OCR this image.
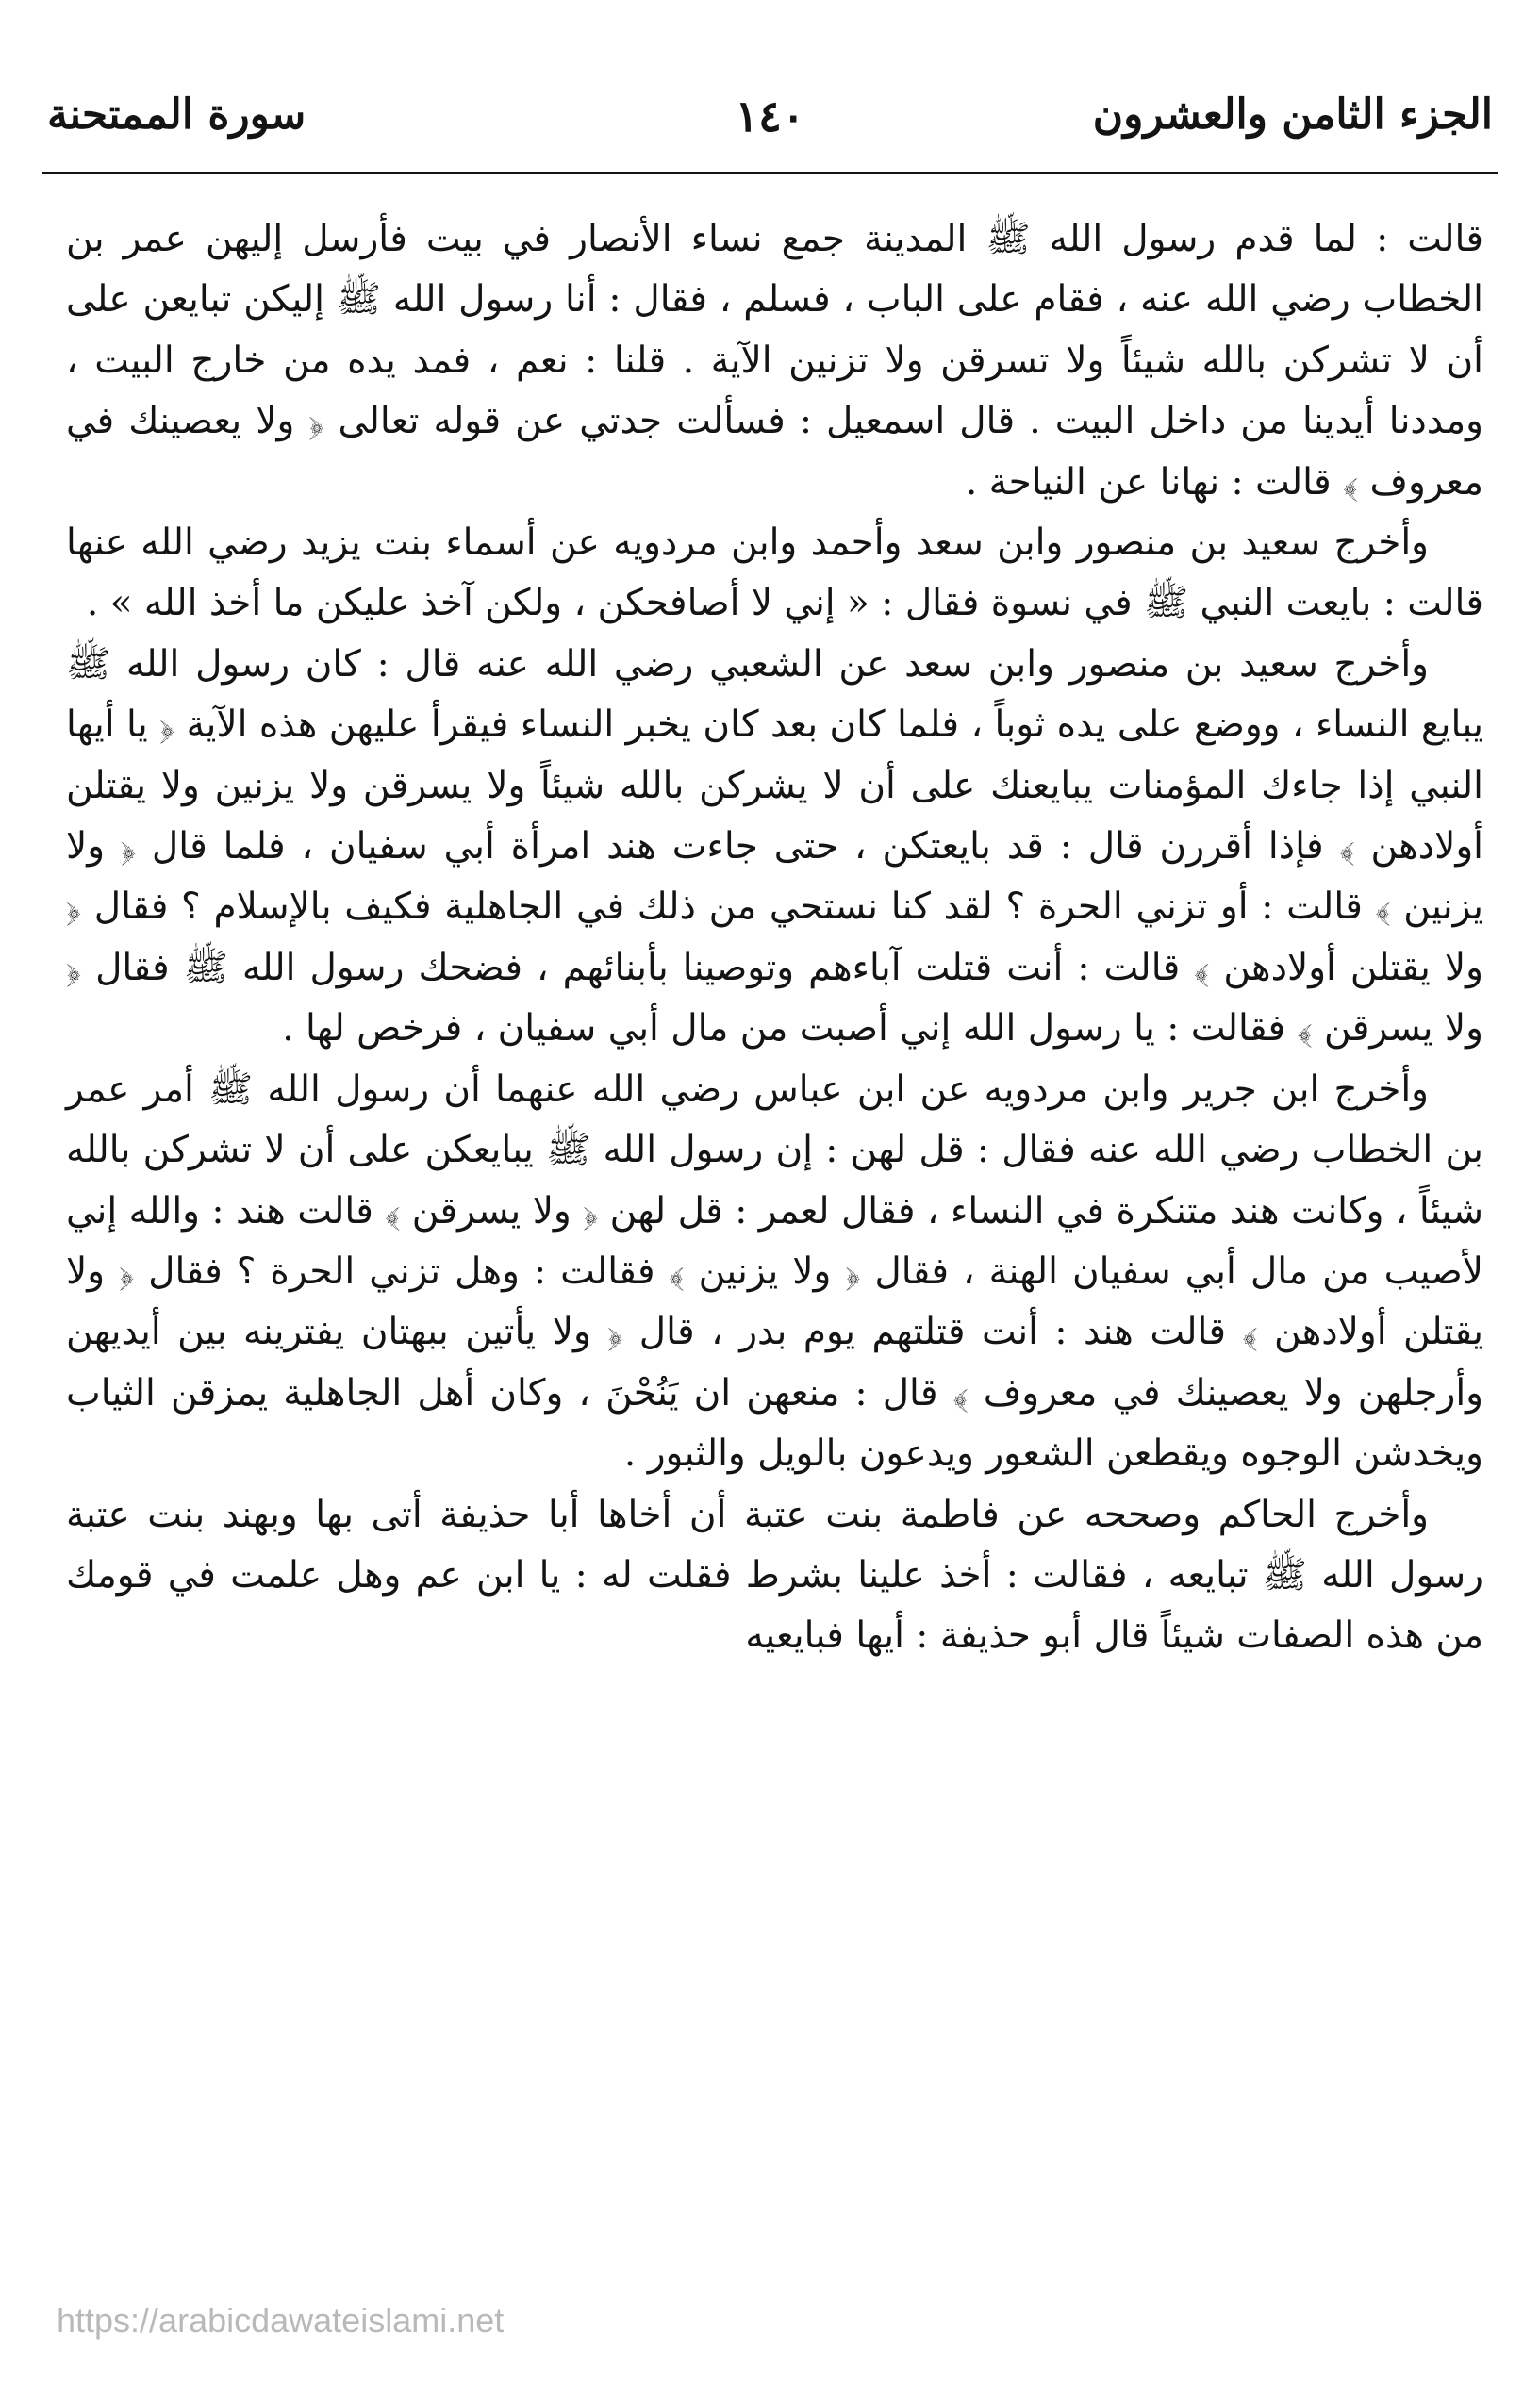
الجزء الثامن والعشرون
١٤٠
سورة الممتحنة

قالت : لما قدم رسول الله ﷺ المدينة جمع نساء الأنصار في بيت فأرسل إليهن عمر بن الخطاب رضي الله عنه ، فقام على الباب ، فسلم ، فقال : أنا رسول الله ﷺ إليكن تبايعن على أن لا تشركن بالله شيئاً ولا تسرقن ولا تزنين الآية . قلنا : نعم ، فمد يده من خارج البيت ، ومددنا أيدينا من داخل البيت . قال اسمعيل : فسألت جدتي عن قوله تعالى ﴿ ولا يعصينك في معروف ﴾ قالت : نهانا عن النياحة .

وأخرج سعيد بن منصور وابن سعد وأحمد وابن مردويه عن أسماء بنت يزيد رضي الله عنها قالت : بايعت النبي ﷺ في نسوة فقال : « إني لا أصافحكن ، ولكن آخذ عليكن ما أخذ الله » .

وأخرج سعيد بن منصور وابن سعد عن الشعبي رضي الله عنه قال : كان رسول الله ﷺ يبايع النساء ، ووضع على يده ثوباً ، فلما كان بعد كان يخبر النساء فيقرأ عليهن هذه الآية ﴿ يا أيها النبي إذا جاءك المؤمنات يبايعنك على أن لا يشركن بالله شيئاً ولا يسرقن ولا يزنين ولا يقتلن أولادهن ﴾ فإذا أقررن قال : قد بايعتكن ، حتى جاءت هند امرأة أبي سفيان ، فلما قال ﴿ ولا يزنين ﴾ قالت : أو تزني الحرة ؟ لقد كنا نستحي من ذلك في الجاهلية فكيف بالإسلام ؟ فقال ﴿ ولا يقتلن أولادهن ﴾ قالت : أنت قتلت آباءهم وتوصينا بأبنائهم ، فضحك رسول الله ﷺ فقال ﴿ ولا يسرقن ﴾ فقالت : يا رسول الله إني أصبت من مال أبي سفيان ، فرخص لها .

وأخرج ابن جرير وابن مردويه عن ابن عباس رضي الله عنهما أن رسول الله ﷺ أمر عمر بن الخطاب رضي الله عنه فقال : قل لهن : إن رسول الله ﷺ يبايعكن على أن لا تشركن بالله شيئاً ، وكانت هند متنكرة في النساء ، فقال لعمر : قل لهن ﴿ ولا يسرقن ﴾ قالت هند : والله إني لأصيب من مال أبي سفيان الهنة ، فقال ﴿ ولا يزنين ﴾ فقالت : وهل تزني الحرة ؟ فقال ﴿ ولا يقتلن أولادهن ﴾ قالت هند : أنت قتلتهم يوم بدر ، قال ﴿ ولا يأتين ببهتان يفترينه بين أيديهن وأرجلهن ولا يعصينك في معروف ﴾ قال : منعهن ان يَنُحْنَ ، وكان أهل الجاهلية يمزقن الثياب ويخدشن الوجوه ويقطعن الشعور ويدعون بالويل والثبور .

وأخرج الحاكم وصححه عن فاطمة بنت عتبة أن أخاها أبا حذيفة أتى بها وبهند بنت عتبة رسول الله ﷺ تبايعه ، فقالت : أخذ علينا بشرط فقلت له : يا ابن عم وهل علمت في قومك من هذه الصفات شيئاً قال أبو حذيفة : أيها فبايعيه

https://arabicdawateislami.net
